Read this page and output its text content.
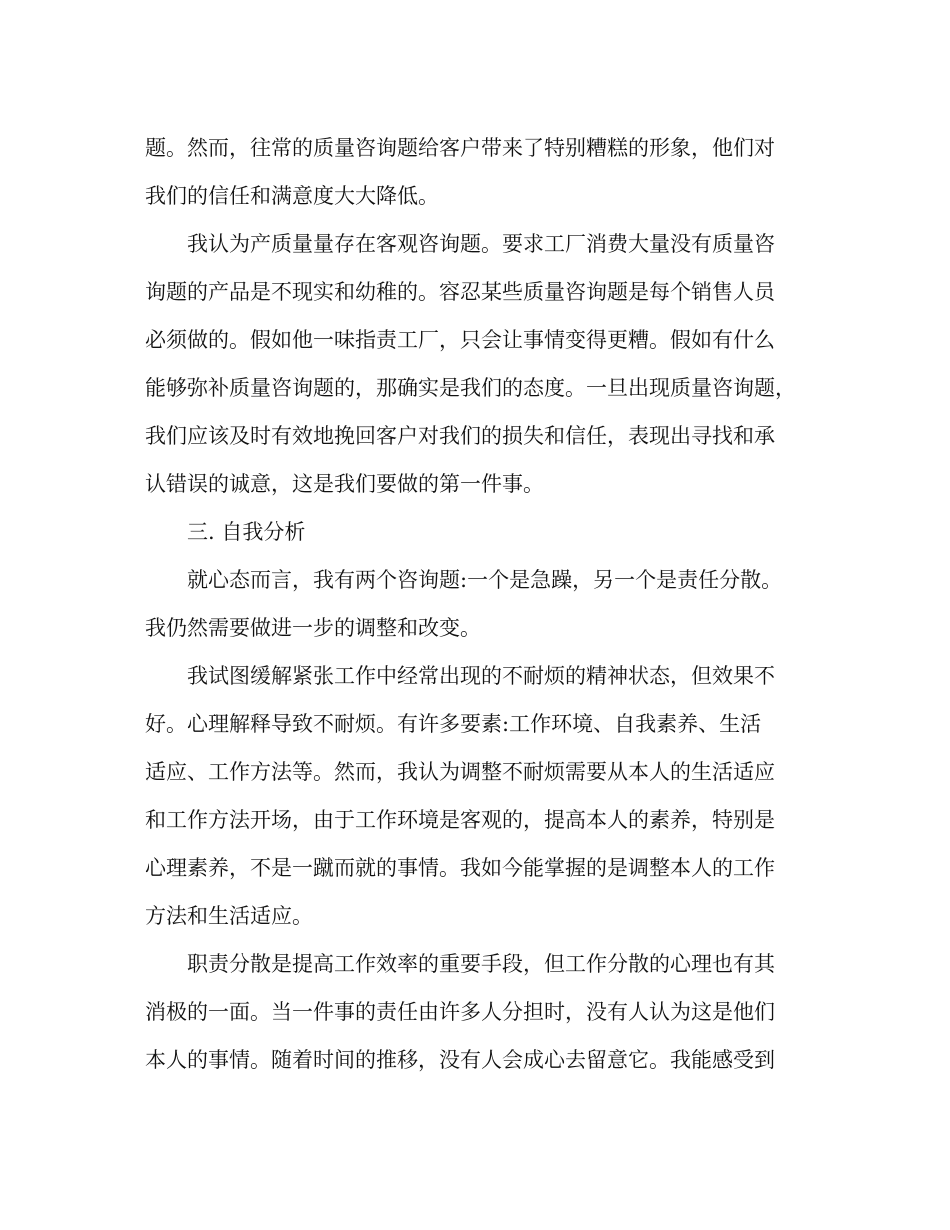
题。然而，往常的质量咨询题给客户带来了特别糟糕的形象，他们对
我们的信任和满意度大大降低。
我认为产质量量存在客观咨询题。要求工厂消费大量没有质量咨
询题的产品是不现实和幼稚的。容忍某些质量咨询题是每个销售人员
必须做的。假如他一味指责工厂，只会让事情变得更糟。假如有什么
能够弥补质量咨询题的，那确实是我们的态度。一旦出现质量咨询题，
我们应该及时有效地挽回客户对我们的损失和信任，表现出寻找和承
认错误的诚意，这是我们要做的第一件事。
三. 自我分析
就心态而言，我有两个咨询题:一个是急躁，另一个是责任分散。
我仍然需要做进一步的调整和改变。
我试图缓解紧张工作中经常出现的不耐烦的精神状态，但效果不
好。心理解释导致不耐烦。有许多要素:工作环境、自我素养、生活
适应、工作方法等。然而，我认为调整不耐烦需要从本人的生活适应
和工作方法开场，由于工作环境是客观的，提高本人的素养，特别是
心理素养，不是一蹴而就的事情。我如今能掌握的是调整本人的工作
方法和生活适应。
职责分散是提高工作效率的重要手段，但工作分散的心理也有其
消极的一面。当一件事的责任由许多人分担时，没有人认为这是他们
本人的事情。随着时间的推移，没有人会成心去留意它。我能感受到
